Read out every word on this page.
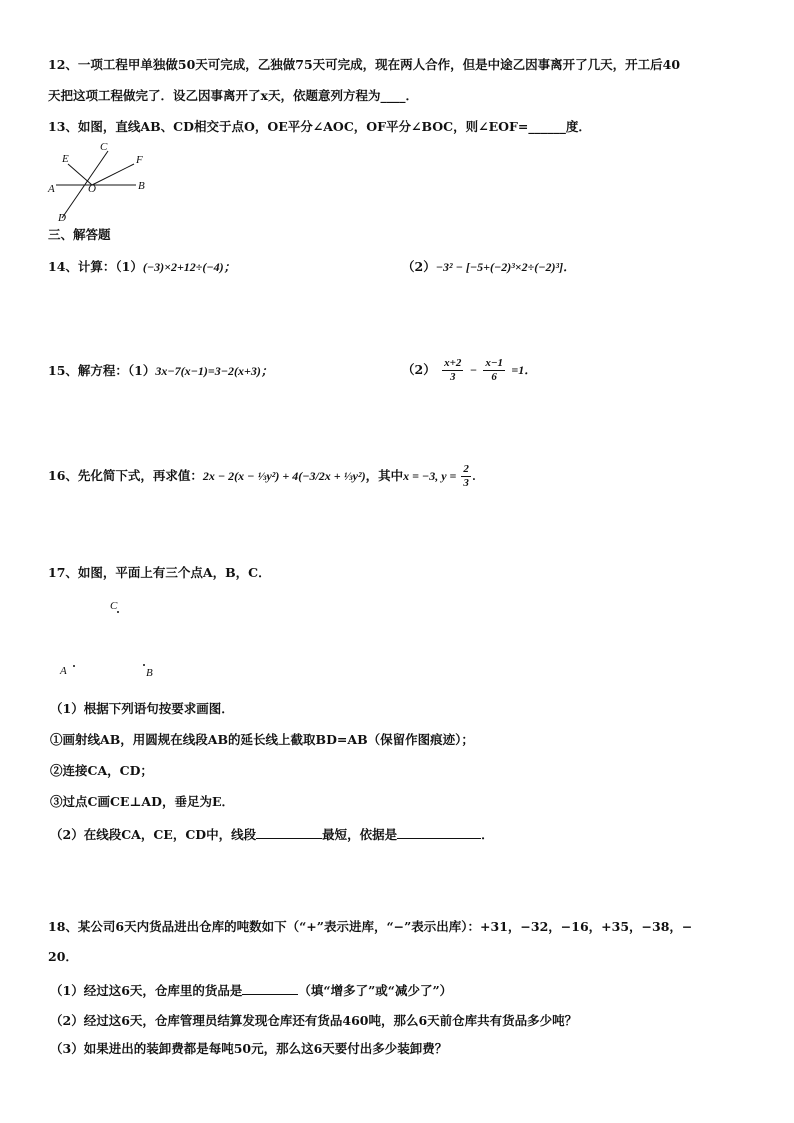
12、一项工程甲单独做50天可完成，乙独做75天可完成，现在两人合作，但是中途乙因事离开了几天，开工后40
天把这项工程做完了．设乙因事离开了x天，依题意列方程为____．
13、如图，直线AB、CD相交于点O，OE平分∠AOC，OF平分∠BOC，则∠EOF=______度．
E
C
F
A	O	B
D
三、解答题
14、计算：（1）(−3)×2+12÷(−4)；	（2）−3² − [−5+(−2)³×2÷(−2)³]．
15、解方程：（1）3x−7(x−1)=3−2(x+3)；	$(2) \frac{x+2}{3} - \frac{x-1}{6} =1$．
16、先化简下式，再求值：2x − 2(x − ⅓y²) + 4(−3/2x + ⅓y²)，其中x = −3, $y = \frac{2}{3}$ .
17、如图，平面上有三个点A，B，C．
C
A	B
（1）根据下列语句按要求画图．
①画射线AB，用圆规在线段AB的延长线上截取BD=AB（保留作图痕迹）；
②连接CA，CD；
③过点C画CE⊥AD，垂足为E．
（2）在线段CA，CE，CD中，线段	最短，依据是	．
18、某公司6天内货品进出仓库的吨数如下（“+”表示进库，“−”表示出库）：+31，−32，−16，+35，−38，−
20．
（1）经过这6天，仓库里的货品是	（填“增多了”或“减少了”）
（2）经过这6天，仓库管理员结算发现仓库还有货品460吨，那么6天前仓库共有货品多少吨？
（3）如果进出的装卸费都是每吨50元，那么这6天要付出多少装卸费？
